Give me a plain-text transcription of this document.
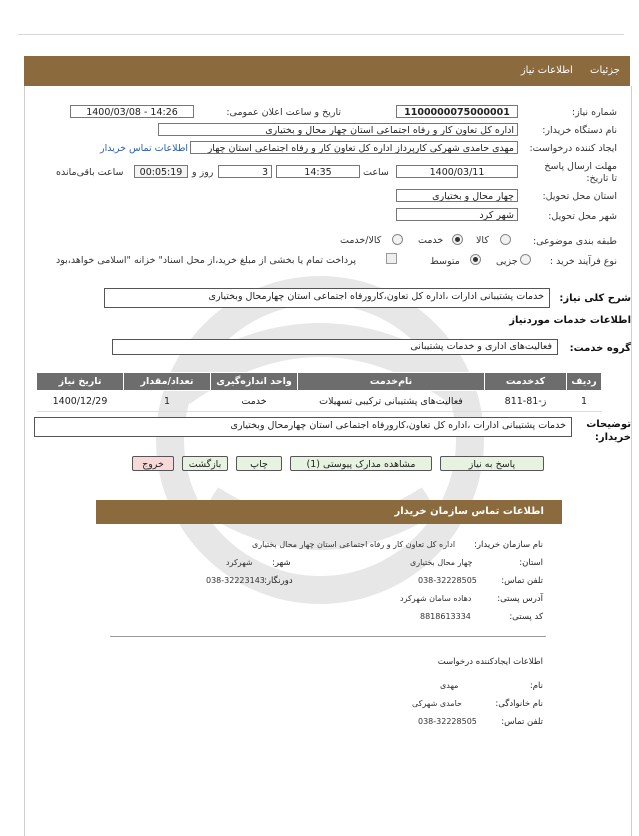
جزئیات اطلاعات نیاز
شماره نیاز:
1100000075000001
تاریخ و ساعت اعلان عمومی:
1400/03/08 - 14:26
نام دستگاه خریدار:
اداره کل تعاون کار و رفاه اجتماعی استان چهار محال و بختیاری
ایجاد کننده درخواست:
مهدی حامدی شهرکی کارپرداز اداره کل تعاون کار و رفاه اجتماعی استان چهار
اطلاعات تماس خریدار
مهلت ارسال پاسخ تا تاریخ:
1400/03/11
ساعت
14:35
3
روز و
00:05:19
ساعت باقی‌مانده
استان محل تحویل:
چهار محال و بختیاری
شهر محل تحویل:
شهر کرد
طبقه بندی موضوعی:
کالا
خدمت
کالا/خدمت
نوع فرآیند خرید :
جزیی
متوسط
پرداخت تمام یا بخشی از مبلغ خرید،از محل اسناد" خزانه "اسلامی خواهد،بود
شرح کلی نیاز:
خدمات پشتیبانی ادارات ،اداره کل تعاون،کارورفاه اجتماعی استان چهارمحال وبختیاری
اطلاعات خدمات موردنیاز
گروه خدمت:
فعالیت‌های اداری و خدمات پشتیبانی
ردیف	کدخدمت	نام‌خدمت	واحد اندازه‌گیری	تعداد/مقدار	تاریخ نیاز
1	ز-81-811	فعالیت‌های پشتیبانی ترکیبی تسهیلات	خدمت	1	1400/12/29
توضیحات خریدار:
خدمات پشتیبانی ادارات ،اداره کل تعاون،کارورفاه اجتماعی استان چهارمحال وبختیاری
پاسخ به نیاز
مشاهده مدارک پیوستی (1)
چاپ
بازگشت
خروج
اطلاعات تماس سازمان خریدار
نام سازمان خریدار:
اداره کل تعاون کار و رفاه اجتماعی استان چهار محال بختیاری
استان:
چهار محال بختیاری
شهر:
شهرکرد
تلفن تماس:
038-32228505
دورنگار:
038-32223143
آدرس پستی:
دهاده سامان شهرکرد
کد پستی:
8818613334
اطلاعات ایجادکننده درخواست
نام:
مهدی
نام خانوادگی:
حامدی شهرکی
تلفن تماس:
038-32228505
